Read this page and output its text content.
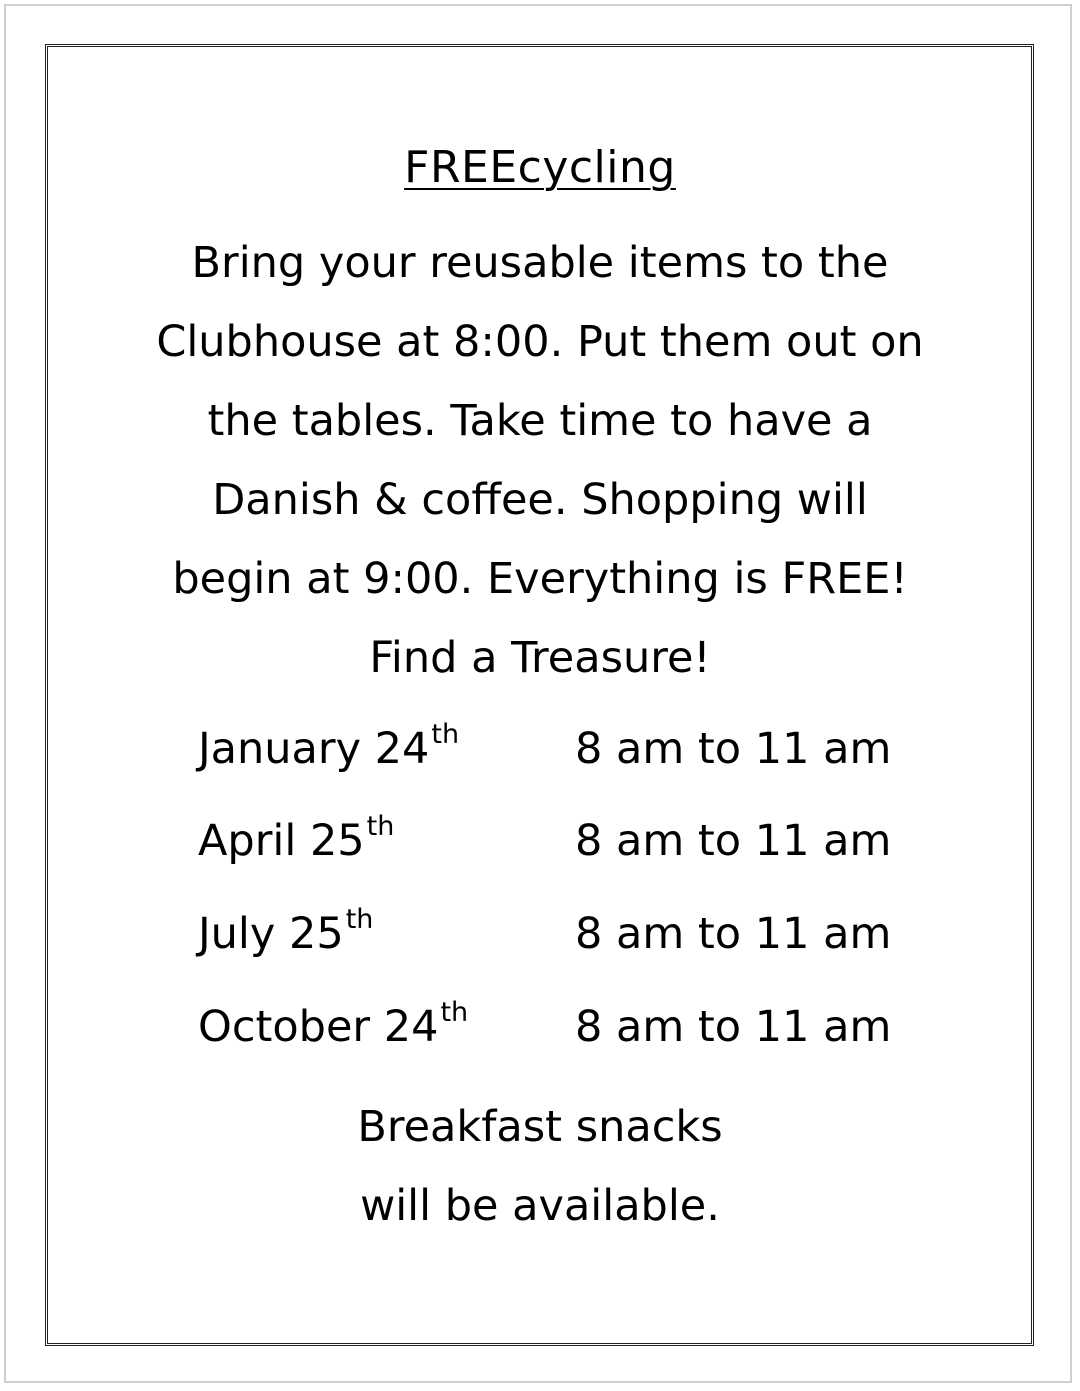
FREEcycling
Bring your reusable items to the
Clubhouse at 8:00. Put them out on
the tables. Take time to have a
Danish & coffee. Shopping will
begin at 9:00. Everything is FREE!
Find a Treasure!
January 24th	8 am to 11 am
April 25th	8 am to 11 am
July 25th	8 am to 11 am
October 24th 8 am to 11 am
Breakfast snacks
will be available.
